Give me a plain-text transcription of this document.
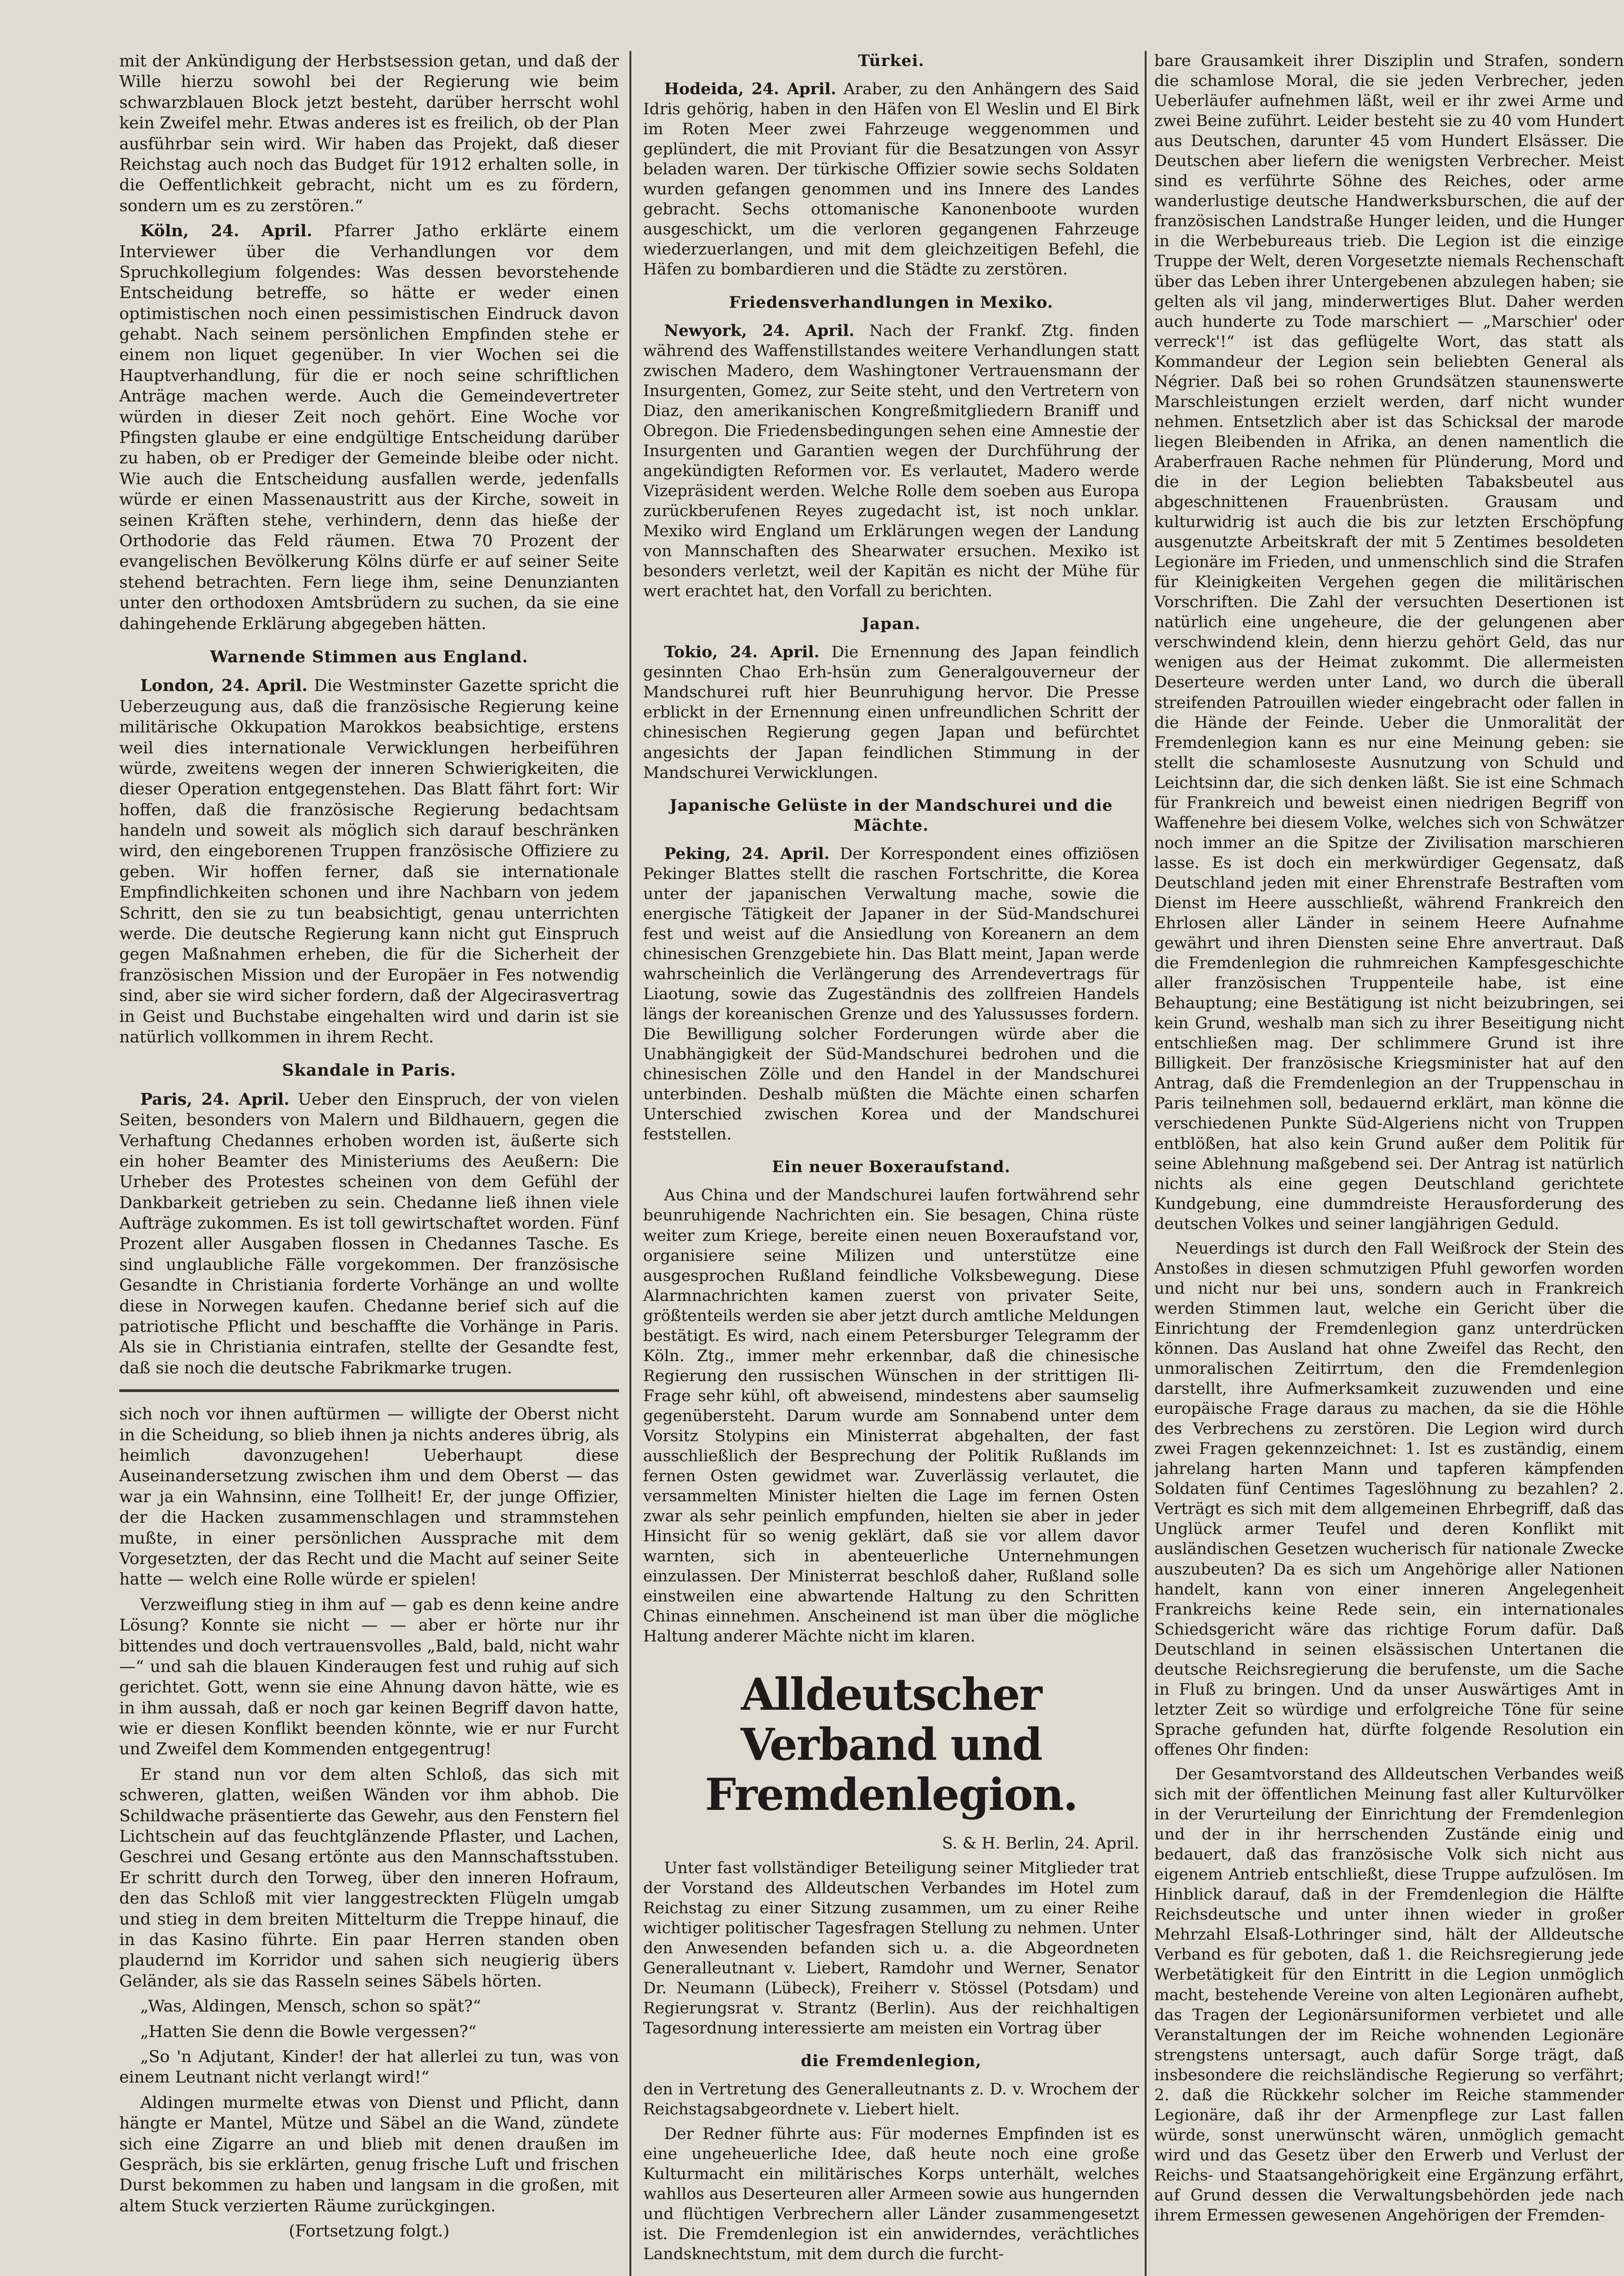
mit der Ankündigung der Herbstsession getan, und daß der Wille hierzu sowohl bei der Regierung wie beim schwarzblauen Block jetzt besteht, darüber herrscht wohl kein Zweifel mehr. Etwas anderes ist es freilich, ob der Plan ausführbar sein wird. Wir haben das Projekt, daß dieser Reichstag auch noch das Budget für 1912 erhalten solle, in die Oeffentlichkeit gebracht, nicht um es zu fördern, sondern um es zu zerstören.“

Köln, 24. April. Pfarrer Jatho erklärte einem Interviewer über die Verhandlungen vor dem Spruchkollegium folgendes: Was dessen bevorstehende Entscheidung betreffe, so hätte er weder einen optimistischen noch einen pessimistischen Eindruck davon gehabt. Nach seinem persönlichen Empfinden stehe er einem non liquet gegenüber. In vier Wochen sei die Hauptverhandlung, für die er noch seine schriftlichen Anträge machen werde. Auch die Gemeindevertreter würden in dieser Zeit noch gehört. Eine Woche vor Pfingsten glaube er eine endgültige Entscheidung darüber zu haben, ob er Prediger der Gemeinde bleibe oder nicht. Wie auch die Entscheidung ausfallen werde, jedenfalls würde er einen Massenaustritt aus der Kirche, soweit in seinen Kräften stehe, verhindern, denn das hieße der Orthodorie das Feld räumen. Etwa 70 Prozent der evangelischen Bevölkerung Kölns dürfe er auf seiner Seite stehend betrachten. Fern liege ihm, seine Denunzianten unter den orthodoxen Amtsbrüdern zu suchen, da sie eine dahingehende Erklärung abgegeben hätten.

Warnende Stimmen aus England.

London, 24. April. Die Westminster Gazette spricht die Ueberzeugung aus, daß die französische Regierung keine militärische Okkupation Marokkos beabsichtige, erstens weil dies internationale Verwicklungen herbeiführen würde, zweitens wegen der inneren Schwierigkeiten, die dieser Operation entgegenstehen. Das Blatt fährt fort: Wir hoffen, daß die französische Regierung bedachtsam handeln und soweit als möglich sich darauf beschränken wird, den eingeborenen Truppen französische Offiziere zu geben. Wir hoffen ferner, daß sie internationale Empfindlichkeiten schonen und ihre Nachbarn von jedem Schritt, den sie zu tun beabsichtigt, genau unterrichten werde. Die deutsche Regierung kann nicht gut Einspruch gegen Maßnahmen erheben, die für die Sicherheit der französischen Mission und der Europäer in Fes notwendig sind, aber sie wird sicher fordern, daß der Algecirasvertrag in Geist und Buchstabe eingehalten wird und darin ist sie natürlich vollkommen in ihrem Recht.

Skandale in Paris.

Paris, 24. April. Ueber den Einspruch, der von vielen Seiten, besonders von Malern und Bildhauern, gegen die Verhaftung Chedannes erhoben worden ist, äußerte sich ein hoher Beamter des Ministeriums des Aeußern: Die Urheber des Protestes scheinen von dem Gefühl der Dankbarkeit getrieben zu sein. Chedanne ließ ihnen viele Aufträge zukommen. Es ist toll gewirtschaftet worden. Fünf Prozent aller Ausgaben flossen in Chedannes Tasche. Es sind unglaubliche Fälle vorgekommen. Der französische Gesandte in Christiania forderte Vorhänge an und wollte diese in Norwegen kaufen. Chedanne berief sich auf die patriotische Pflicht und beschaffte die Vorhänge in Paris. Als sie in Christiania eintrafen, stellte der Gesandte fest, daß sie noch die deutsche Fabrikmarke trugen.

sich noch vor ihnen auftürmen — willigte der Oberst nicht in die Scheidung, so blieb ihnen ja nichts anderes übrig, als heimlich davonzugehen! Ueberhaupt diese Auseinandersetzung zwischen ihm und dem Oberst — das war ja ein Wahnsinn, eine Tollheit! Er, der junge Offizier, der die Hacken zusammenschlagen und strammstehen mußte, in einer persönlichen Aussprache mit dem Vorgesetzten, der das Recht und die Macht auf seiner Seite hatte — welch eine Rolle würde er spielen!

Verzweiflung stieg in ihm auf — gab es denn keine andre Lösung? Konnte sie nicht — — aber er hörte nur ihr bittendes und doch vertrauensvolles „Bald, bald, nicht wahr —“ und sah die blauen Kinderaugen fest und ruhig auf sich gerichtet. Gott, wenn sie eine Ahnung davon hätte, wie es in ihm aussah, daß er noch gar keinen Begriff davon hatte, wie er diesen Konflikt beenden könnte, wie er nur Furcht und Zweifel dem Kommenden entgegentrug!

Er stand nun vor dem alten Schloß, das sich mit schweren, glatten, weißen Wänden vor ihm abhob. Die Schildwache präsentierte das Gewehr, aus den Fenstern fiel Lichtschein auf das feuchtglänzende Pflaster, und Lachen, Geschrei und Gesang ertönte aus den Mannschaftsstuben. Er schritt durch den Torweg, über den inneren Hofraum, den das Schloß mit vier langgestreckten Flügeln umgab und stieg in dem breiten Mittelturm die Treppe hinauf, die in das Kasino führte. Ein paar Herren standen oben plaudernd im Korridor und sahen sich neugierig übers Geländer, als sie das Rasseln seines Säbels hörten.

„Was, Aldingen, Mensch, schon so spät?“

„Hatten Sie denn die Bowle vergessen?“

„So 'n Adjutant, Kinder! der hat allerlei zu tun, was von einem Leutnant nicht verlangt wird!“

Aldingen murmelte etwas von Dienst und Pflicht, dann hängte er Mantel, Mütze und Säbel an die Wand, zündete sich eine Zigarre an und blieb mit denen draußen im Gespräch, bis sie erklärten, genug frische Luft und frischen Durst bekommen zu haben und langsam in die großen, mit altem Stuck verzierten Räume zurückgingen.

(Fortsetzung folgt.)

Türkei.

Hodeida, 24. April. Araber, zu den Anhängern des Said Idris gehörig, haben in den Häfen von El Weslin und El Birk im Roten Meer zwei Fahrzeuge weggenommen und geplündert, die mit Proviant für die Besatzungen von Assyr beladen waren. Der türkische Offizier sowie sechs Soldaten wurden gefangen genommen und ins Innere des Landes gebracht. Sechs ottomanische Kanonenboote wurden ausgeschickt, um die verloren gegangenen Fahrzeuge wiederzuerlangen, und mit dem gleichzeitigen Befehl, die Häfen zu bombardieren und die Städte zu zerstören.

Friedensverhandlungen in Mexiko.

Newyork, 24. April. Nach der Frankf. Ztg. finden während des Waffenstillstandes weitere Verhandlungen statt zwischen Madero, dem Washingtoner Vertrauensmann der Insurgenten, Gomez, zur Seite steht, und den Vertretern von Diaz, den amerikanischen Kongreßmitgliedern Braniff und Obregon. Die Friedensbedingungen sehen eine Amnestie der Insurgenten und Garantien wegen der Durchführung der angekündigten Reformen vor. Es verlautet, Madero werde Vizepräsident werden. Welche Rolle dem soeben aus Europa zurückberufenen Reyes zugedacht ist, ist noch unklar. Mexiko wird England um Erklärungen wegen der Landung von Mannschaften des Shearwater ersuchen. Mexiko ist besonders verletzt, weil der Kapitän es nicht der Mühe für wert erachtet hat, den Vorfall zu berichten.

Japan.

Tokio, 24. April. Die Ernennung des Japan feindlich gesinnten Chao Erh-hsün zum Generalgouverneur der Mandschurei ruft hier Beunruhigung hervor. Die Presse erblickt in der Ernennung einen unfreundlichen Schritt der chinesischen Regierung gegen Japan und befürchtet angesichts der Japan feindlichen Stimmung in der Mandschurei Verwicklungen.

Japanische Gelüste in der Mandschurei und die Mächte.

Peking, 24. April. Der Korrespondent eines offiziösen Pekinger Blattes stellt die raschen Fortschritte, die Korea unter der japanischen Verwaltung mache, sowie die energische Tätigkeit der Japaner in der Süd-Mandschurei fest und weist auf die Ansiedlung von Koreanern an dem chinesischen Grenzgebiete hin. Das Blatt meint, Japan werde wahrscheinlich die Verlängerung des Arrendevertrags für Liaotung, sowie das Zugeständnis des zollfreien Handels längs der koreanischen Grenze und des Yalussusses fordern. Die Bewilligung solcher Forderungen würde aber die Unabhängigkeit der Süd-Mandschurei bedrohen und die chinesischen Zölle und den Handel in der Mandschurei unterbinden. Deshalb müßten die Mächte einen scharfen Unterschied zwischen Korea und der Mandschurei feststellen.

Ein neuer Boxeraufstand.

Aus China und der Mandschurei laufen fortwährend sehr beunruhigende Nachrichten ein. Sie besagen, China rüste weiter zum Kriege, bereite einen neuen Boxeraufstand vor, organisiere seine Milizen und unterstütze eine ausgesprochen Rußland feindliche Volksbewegung. Diese Alarmnachrichten kamen zuerst von privater Seite, größtenteils werden sie aber jetzt durch amtliche Meldungen bestätigt. Es wird, nach einem Petersburger Telegramm der Köln. Ztg., immer mehr erkennbar, daß die chinesische Regierung den russischen Wünschen in der strittigen Ili-Frage sehr kühl, oft abweisend, mindestens aber saumselig gegenübersteht. Darum wurde am Sonnabend unter dem Vorsitz Stolypins ein Ministerrat abgehalten, der fast ausschließlich der Besprechung der Politik Rußlands im fernen Osten gewidmet war. Zuverlässig verlautet, die versammelten Minister hielten die Lage im fernen Osten zwar als sehr peinlich empfunden, hielten sie aber in jeder Hinsicht für so wenig geklärt, daß sie vor allem davor warnten, sich in abenteuerliche Unternehmungen einzulassen. Der Ministerrat beschloß daher, Rußland solle einstweilen eine abwartende Haltung zu den Schritten Chinas einnehmen. Anscheinend ist man über die mögliche Haltung anderer Mächte nicht im klaren.

Alldeutscher Verband und Fremdenlegion.

S. & H. Berlin, 24. April.

Unter fast vollständiger Beteiligung seiner Mitglieder trat der Vorstand des Alldeutschen Verbandes im Hotel zum Reichstag zu einer Sitzung zusammen, um zu einer Reihe wichtiger politischer Tagesfragen Stellung zu nehmen. Unter den Anwesenden befanden sich u. a. die Abgeordneten Generalleutnant v. Liebert, Ramdohr und Werner, Senator Dr. Neumann (Lübeck), Freiherr v. Stössel (Potsdam) und Regierungsrat v. Strantz (Berlin). Aus der reichhaltigen Tagesordnung interessierte am meisten ein Vortrag über

die Fremdenlegion,

den in Vertretung des Generalleutnants z. D. v. Wrochem der Reichstagsabgeordnete v. Liebert hielt.

Der Redner führte aus: Für modernes Empfinden ist es eine ungeheuerliche Idee, daß heute noch eine große Kulturmacht ein militärisches Korps unterhält, welches wahllos aus Deserteuren aller Armeen sowie aus hungernden und flüchtigen Verbrechern aller Länder zusammengesetzt ist. Die Fremdenlegion ist ein anwiderndes, verächtliches Landsknechtstum, mit dem durch die furcht-

bare Grausamkeit ihrer Disziplin und Strafen, sondern die schamlose Moral, die sie jeden Verbrecher, jeden Ueberläufer aufnehmen läßt, weil er ihr zwei Arme und zwei Beine zuführt. Leider besteht sie zu 40 vom Hundert aus Deutschen, darunter 45 vom Hundert Elsässer. Die Deutschen aber liefern die wenigsten Verbrecher. Meist sind es verführte Söhne des Reiches, oder arme wanderlustige deutsche Handwerksburschen, die auf der französischen Landstraße Hunger leiden, und die Hunger in die Werbebureaus trieb. Die Legion ist die einzige Truppe der Welt, deren Vorgesetzte niemals Rechenschaft über das Leben ihrer Untergebenen abzulegen haben; sie gelten als vil jang, minderwertiges Blut. Daher werden auch hunderte zu Tode marschiert — „Marschier' oder verreck'!“ ist das geflügelte Wort, das statt als Kommandeur der Legion sein beliebten General als Négrier. Daß bei so rohen Grundsätzen staunenswerte Marschleistungen erzielt werden, darf nicht wunder nehmen. Entsetzlich aber ist das Schicksal der marode liegen Bleibenden in Afrika, an denen namentlich die Araberfrauen Rache nehmen für Plünderung, Mord und die in der Legion beliebten Tabaksbeutel aus abgeschnittenen Frauenbrüsten. Grausam und kulturwidrig ist auch die bis zur letzten Erschöpfung ausgenutzte Arbeitskraft der mit 5 Zentimes besoldeten Legionäre im Frieden, und unmenschlich sind die Strafen für Kleinigkeiten Vergehen gegen die militärischen Vorschriften. Die Zahl der versuchten Desertionen ist natürlich eine ungeheure, die der gelungenen aber verschwindend klein, denn hierzu gehört Geld, das nur wenigen aus der Heimat zukommt. Die allermeisten Deserteure werden unter Land, wo durch die überall streifenden Patrouillen wieder eingebracht oder fallen in die Hände der Feinde. Ueber die Unmoralität der Fremdenlegion kann es nur eine Meinung geben: sie stellt die schamloseste Ausnutzung von Schuld und Leichtsinn dar, die sich denken läßt. Sie ist eine Schmach für Frankreich und beweist einen niedrigen Begriff von Waffenehre bei diesem Volke, welches sich von Schwätzer noch immer an die Spitze der Zivilisation marschieren lasse. Es ist doch ein merkwürdiger Gegensatz, daß Deutschland jeden mit einer Ehrenstrafe Bestraften vom Dienst im Heere ausschließt, während Frankreich den Ehrlosen aller Länder in seinem Heere Aufnahme gewährt und ihren Diensten seine Ehre anvertraut. Daß die Fremdenlegion die ruhmreichen Kampfesgeschichte aller französischen Truppenteile habe, ist eine Behauptung; eine Bestätigung ist nicht beizubringen, sei kein Grund, weshalb man sich zu ihrer Beseitigung nicht entschließen mag. Der schlimmere Grund ist ihre Billigkeit. Der französische Kriegsminister hat auf den Antrag, daß die Fremdenlegion an der Truppenschau in Paris teilnehmen soll, bedauernd erklärt, man könne die verschiedenen Punkte Süd-Algeriens nicht von Truppen entblößen, hat also kein Grund außer dem Politik für seine Ablehnung maßgebend sei. Der Antrag ist natürlich nichts als eine gegen Deutschland gerichtete Kundgebung, eine dummdreiste Herausforderung des deutschen Volkes und seiner langjährigen Geduld.

Neuerdings ist durch den Fall Weißrock der Stein des Anstoßes in diesen schmutzigen Pfuhl geworfen worden und nicht nur bei uns, sondern auch in Frankreich werden Stimmen laut, welche ein Gericht über die Einrichtung der Fremdenlegion ganz unterdrücken können. Das Ausland hat ohne Zweifel das Recht, den unmoralischen Zeitirrtum, den die Fremdenlegion darstellt, ihre Aufmerksamkeit zuzuwenden und eine europäische Frage daraus zu machen, da sie die Höhle des Verbrechens zu zerstören. Die Legion wird durch zwei Fragen gekennzeichnet: 1. Ist es zuständig, einem jahrelang harten Mann und tapferen kämpfenden Soldaten fünf Centimes Tageslöhnung zu bezahlen? 2. Verträgt es sich mit dem allgemeinen Ehrbegriff, daß das Unglück armer Teufel und deren Konflikt mit ausländischen Gesetzen wucherisch für nationale Zwecke auszubeuten? Da es sich um Angehörige aller Nationen handelt, kann von einer inneren Angelegenheit Frankreichs keine Rede sein, ein internationales Schiedsgericht wäre das richtige Forum dafür. Daß Deutschland in seinen elsässischen Untertanen die deutsche Reichsregierung die berufenste, um die Sache in Fluß zu bringen. Und da unser Auswärtiges Amt in letzter Zeit so würdige und erfolgreiche Töne für seine Sprache gefunden hat, dürfte folgende Resolution ein offenes Ohr finden:

Der Gesamtvorstand des Alldeutschen Verbandes weiß sich mit der öffentlichen Meinung fast aller Kulturvölker in der Verurteilung der Einrichtung der Fremdenlegion und der in ihr herrschenden Zustände einig und bedauert, daß das französische Volk sich nicht aus eigenem Antrieb entschließt, diese Truppe aufzulösen. Im Hinblick darauf, daß in der Fremdenlegion die Hälfte Reichsdeutsche und unter ihnen wieder in großer Mehrzahl Elsaß-Lothringer sind, hält der Alldeutsche Verband es für geboten, daß 1. die Reichsregierung jede Werbetätigkeit für den Eintritt in die Legion unmöglich macht, bestehende Vereine von alten Legionären aufhebt, das Tragen der Legionärsuniformen verbietet und alle Veranstaltungen der im Reiche wohnenden Legionäre strengstens untersagt, auch dafür Sorge trägt, daß insbesondere die reichsländische Regierung so verfährt; 2. daß die Rückkehr solcher im Reiche stammender Legionäre, daß ihr der Armenpflege zur Last fallen würde, sonst unerwünscht wären, unmöglich gemacht wird und das Gesetz über den Erwerb und Verlust der Reichs- und Staatsangehörigkeit eine Ergänzung erfährt, auf Grund dessen die Verwaltungsbehörden jede nach ihrem Ermessen gewesenen Angehörigen der Fremden-
